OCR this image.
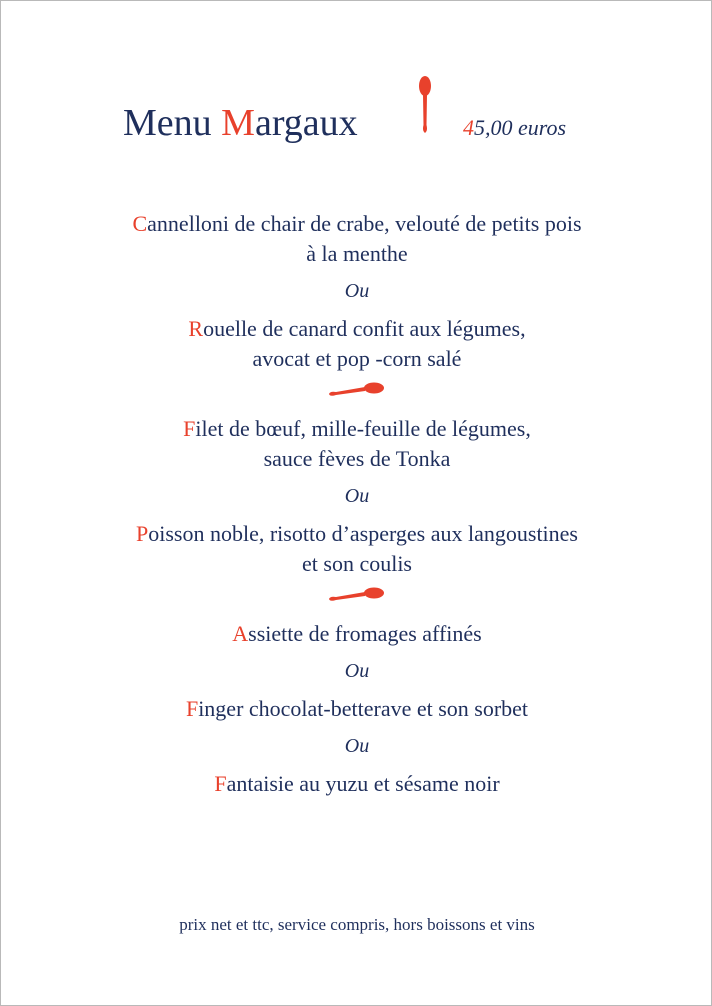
Menu Margaux	45,00 euros
Cannelloni de chair de crabe, velouté de petits pois
à la menthe
Ou
Rouelle de canard confit aux légumes,
avocat et pop -corn salé
Filet de bœuf, mille-feuille de légumes,
sauce fèves de Tonka
Ou
Poisson noble, risotto d’asperges aux langoustines
et son coulis
Assiette de fromages affinés
Ou
Finger chocolat-betterave et son sorbet
Ou
Fantaisie au yuzu et sésame noir
prix net et ttc, service compris, hors boissons et vins
